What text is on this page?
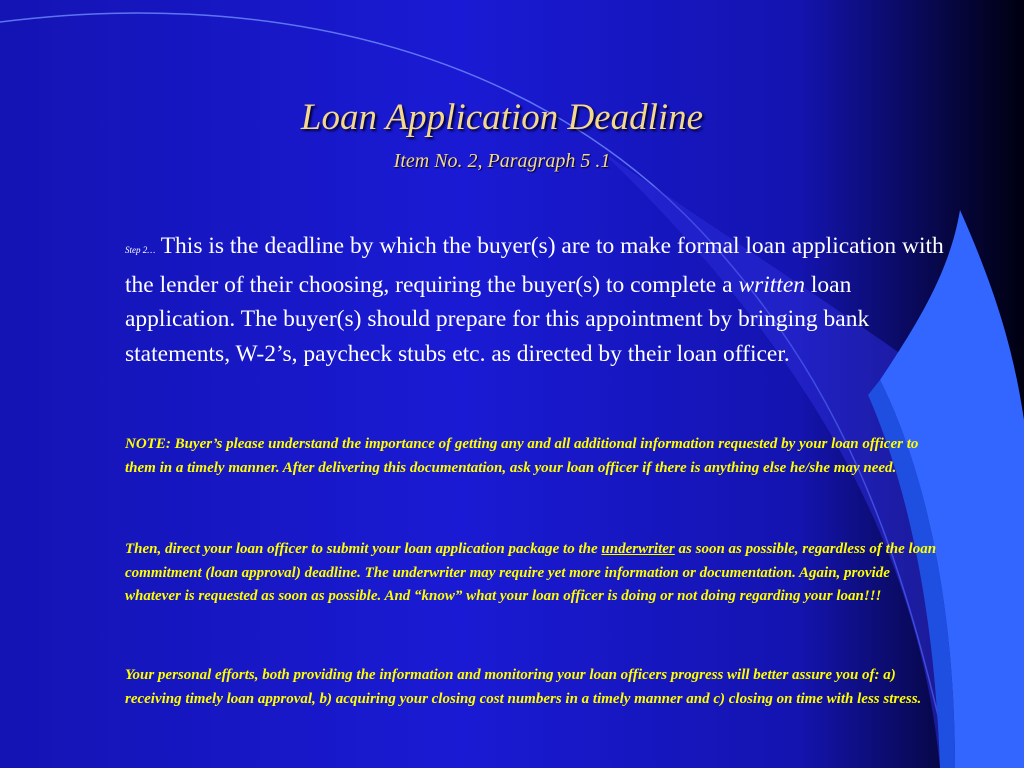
Loan Application Deadline
Item No. 2, Paragraph 5 .1
Step 2… This is the deadline by which the buyer(s) are to make formal loan application with the lender of their choosing, requiring the buyer(s) to complete a written loan application. The buyer(s) should prepare for this appointment by bringing bank statements, W-2’s, paycheck stubs etc. as directed by their loan officer.
NOTE: Buyer’s please understand the importance of getting any and all additional information requested by your loan officer to them in a timely manner. After delivering this documentation, ask your loan officer if there is anything else he/she may need.
Then, direct your loan officer to submit your loan application package to the underwriter as soon as possible, regardless of the loan commitment (loan approval) deadline. The underwriter may require yet more information or documentation. Again, provide whatever is requested as soon as possible. And “know” what your loan officer is doing or not doing regarding your loan!!!
Your personal efforts, both providing the information and monitoring your loan officers progress will better assure you of: a) receiving timely loan approval, b) acquiring your closing cost numbers in a timely manner and c) closing on time with less stress.
